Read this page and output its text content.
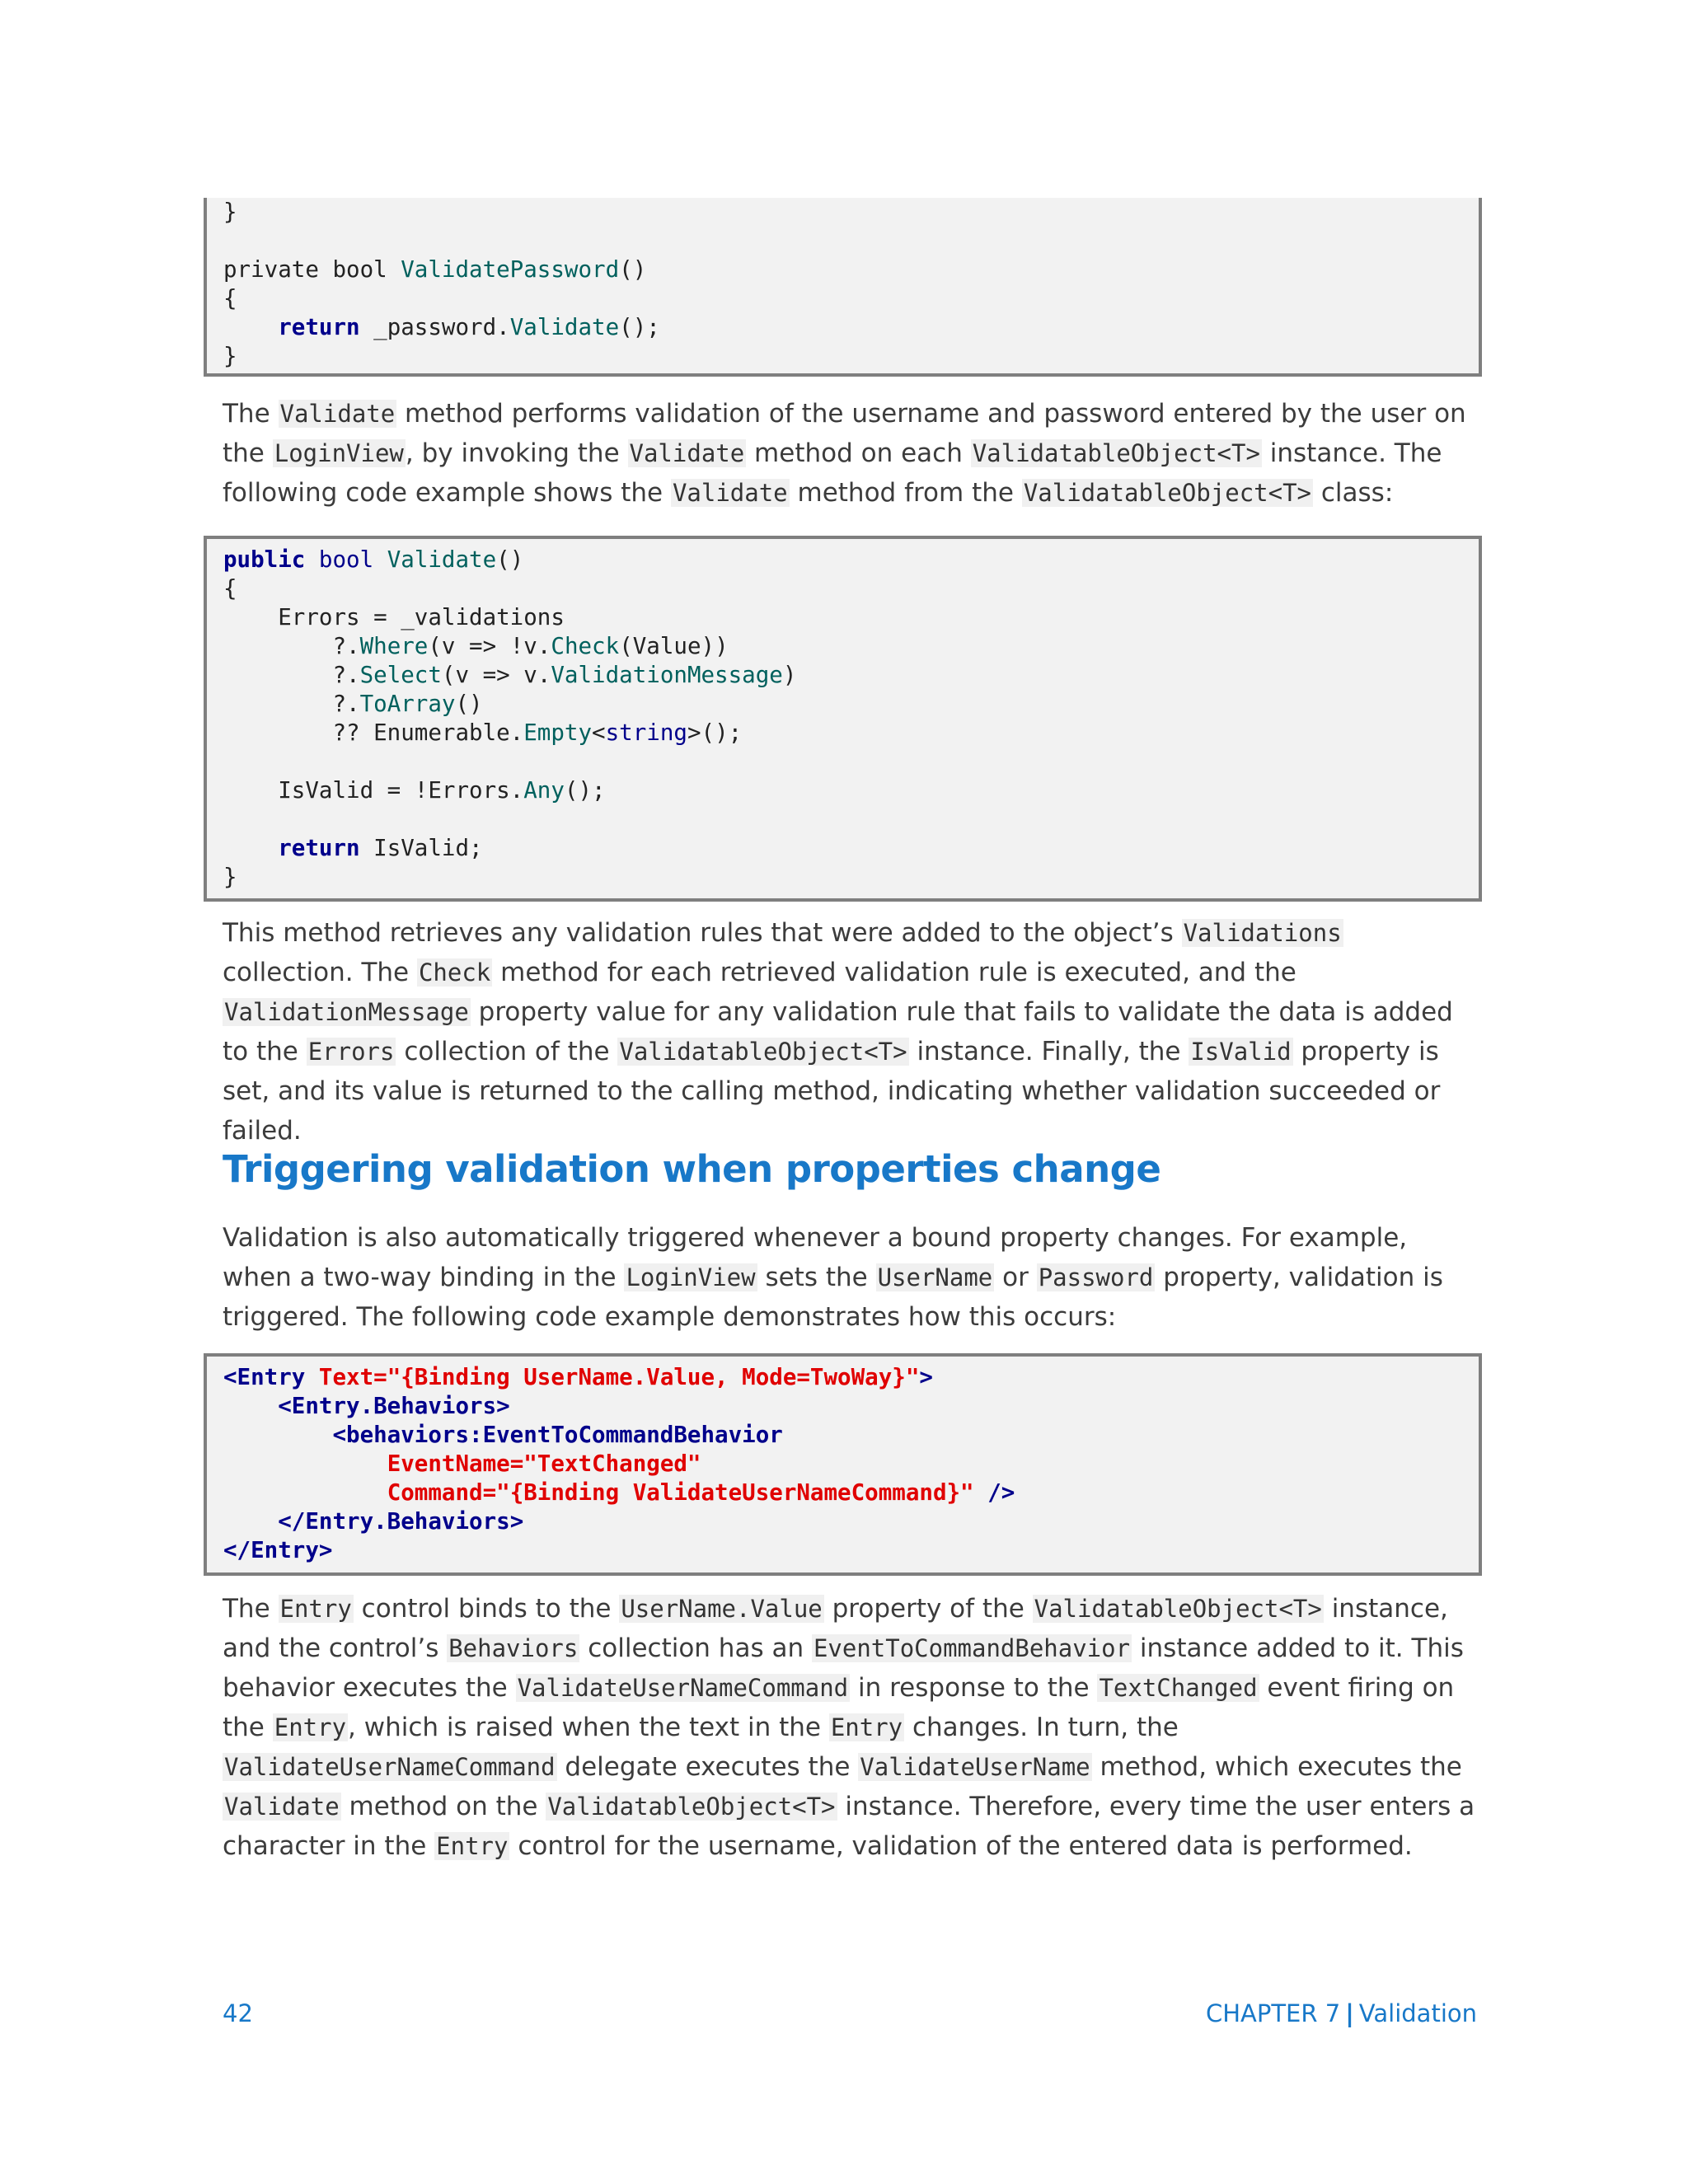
}
private bool ValidatePassword()
{
return _password.Validate();
}

The Validate method performs validation of the username and password entered by the user on the LoginView, by invoking the Validate method on each ValidatableObject<T> instance. The following code example shows the Validate method from the ValidatableObject<T> class:

public bool Validate()
{
Errors = _validations
?.Where(v => !v.Check(Value))
?.Select(v => v.ValidationMessage)
?.ToArray()
?? Enumerable.Empty<string>();
IsValid = !Errors.Any();
return IsValid;
}

This method retrieves any validation rules that were added to the object’s Validations collection. The Check method for each retrieved validation rule is executed, and the ValidationMessage property value for any validation rule that fails to validate the data is added to the Errors collection of the ValidatableObject<T> instance. Finally, the IsValid property is set, and its value is returned to the calling method, indicating whether validation succeeded or failed.

Triggering validation when properties change

Validation is also automatically triggered whenever a bound property changes. For example, when a two-way binding in the LoginView sets the UserName or Password property, validation is triggered. The following code example demonstrates how this occurs:

<Entry Text="{Binding UserName.Value, Mode=TwoWay}">
<Entry.Behaviors>
<behaviors:EventToCommandBehavior
EventName="TextChanged"
Command="{Binding ValidateUserNameCommand}" />
</Entry.Behaviors>
</Entry>

The Entry control binds to the UserName.Value property of the ValidatableObject<T> instance, and the control’s Behaviors collection has an EventToCommandBehavior instance added to it. This behavior executes the ValidateUserNameCommand in response to the TextChanged event firing on the Entry, which is raised when the text in the Entry changes. In turn, the ValidateUserNameCommand delegate executes the ValidateUserName method, which executes the Validate method on the ValidatableObject<T> instance. Therefore, every time the user enters a character in the Entry control for the username, validation of the entered data is performed.

42	CHAPTER 7 | Validation
